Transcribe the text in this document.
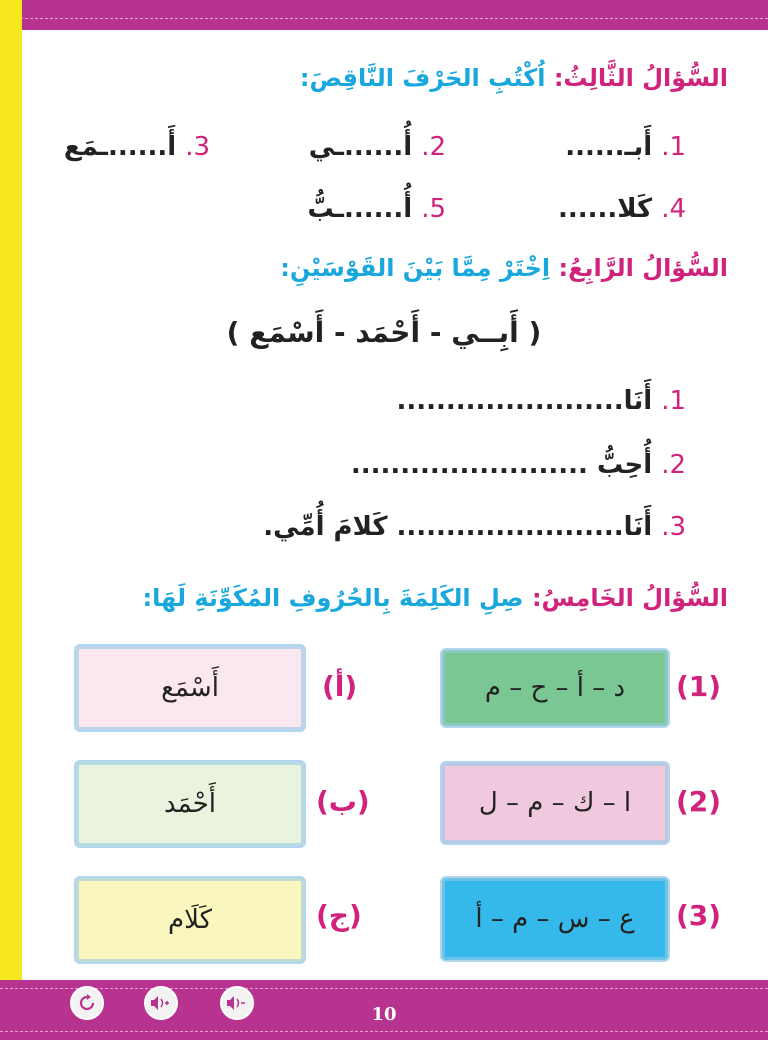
السُّؤالُ الثَّالِثُ: اُكْتُبِ الحَرْفَ النَّاقِصَ:
1. أَبـ......
2. أُ......ـي
3. أَ......ـمَع
4. كَلا......
5. أُ......ـبُّ
السُّؤالُ الرَّابِعُ: اِخْتَرْ مِمَّا بَيْنَ القَوْسَيْنِ:
( أَبِــي - أَحْمَد - أَسْمَع )
1. أَنَا.......................
2. أُحِبُّ ........................
3. أَنَا....................... كَلامَ أُمِّي.
السُّؤالُ الخَامِسُ: صِلِ الكَلِمَةَ بِالحُرُوفِ المُكَوِّنَةِ لَهَا:
(1)
د – أ – ح – م
(2)
ا – ك – م – ل
(3)
ع – س – م – أ
(أ)
أَسْمَع
(ب)
أَحْمَد
(ج)
كَلَام
10
